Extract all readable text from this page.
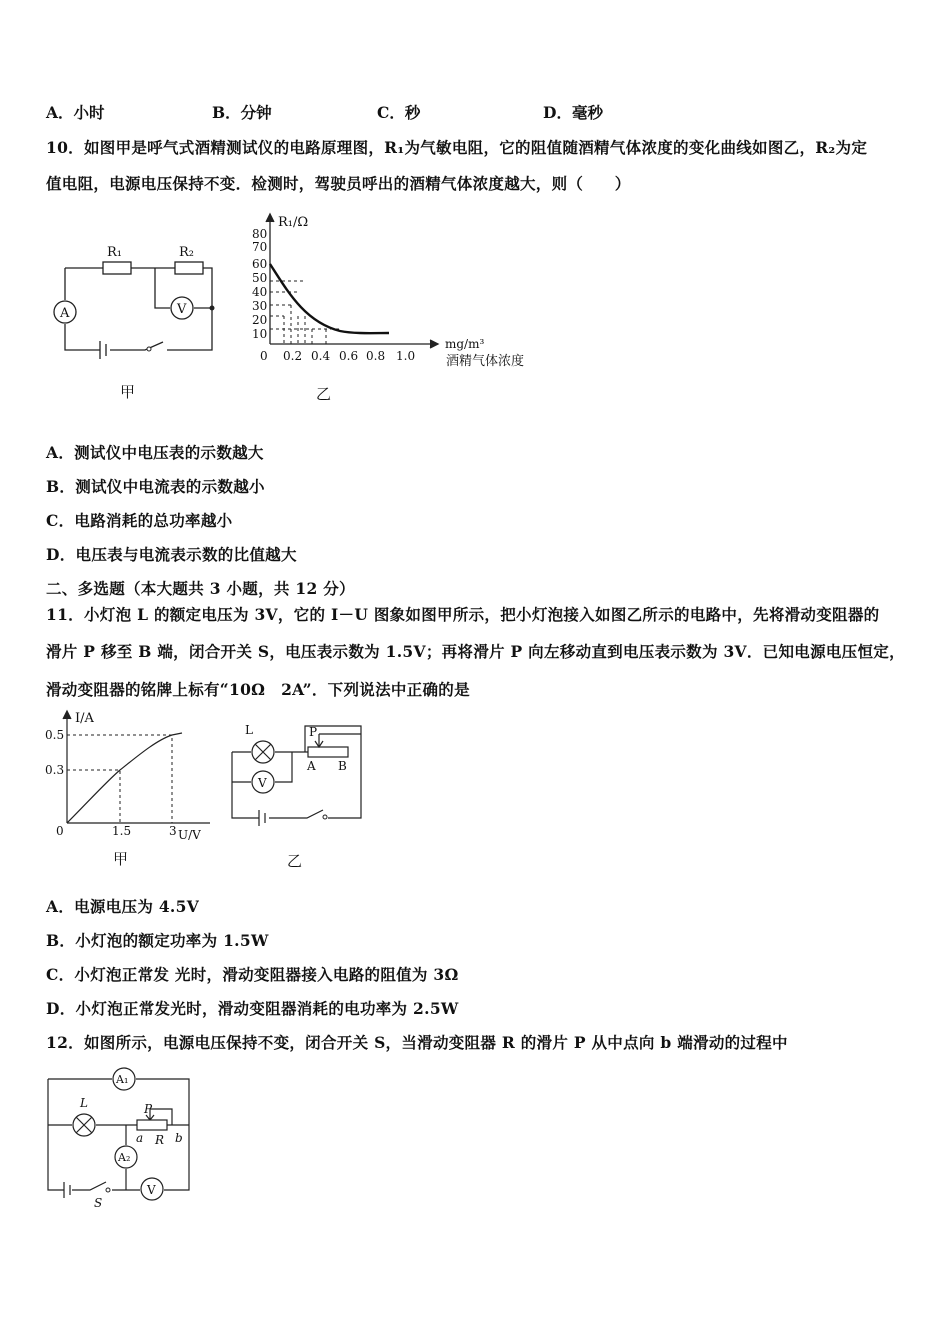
A．小时	B．分钟	C．秒	D．毫秒
10．如图甲是呼气式酒精测试仪的电路原理图，R₁为气敏电阻，它的阻值随酒精气体浓度的变化曲线如图乙，R₂为定
值电阻，电源电压保持不变．检测时，驾驶员呼出的酒精气体浓度越大，则（　　）
R₁	R₂
A	V
甲
R₁/Ω
0
80
70
60
50
40
30
20
10
0.2 0.4 0.6 0.8 1.0
mg/m³
酒精气体浓度
乙
A．测试仪中电压表的示数越大
B．测试仪中电流表的示数越小
C．电路消耗的总功率越小
D．电压表与电流表示数的比值越大
二、多选题（本大题共 3 小题，共 12 分）
11．小灯泡 L 的额定电压为 3V，它的 I－U 图象如图甲所示，把小灯泡接入如图乙所示的电路中，先将滑动变阻器的
滑片 P 移至 B 端，闭合开关 S，电压表示数为 1.5V；再将滑片 P 向左移动直到电压表示数为 3V．已知电源电压恒定，
滑动变阻器的铭牌上标有“10Ω　2A”．下列说法中正确的是
I/A
0.5
0.3
0	1.5	3 U/V
甲
L	P
A B
V
乙
A．电源电压为 4.5V
B．小灯泡的额定功率为 1.5W
C．小灯泡正常发 光时，滑动变阻器接入电路的阻值为 3Ω
D．小灯泡正常发光时，滑动变阻器消耗的电功率为 2.5W
12．如图所示，电源电压保持不变，闭合开关 S，当滑动变阻器 R 的滑片 P 从中点向 b 端滑动的过程中
A₁
A₂
V
L	P
a R b
S
